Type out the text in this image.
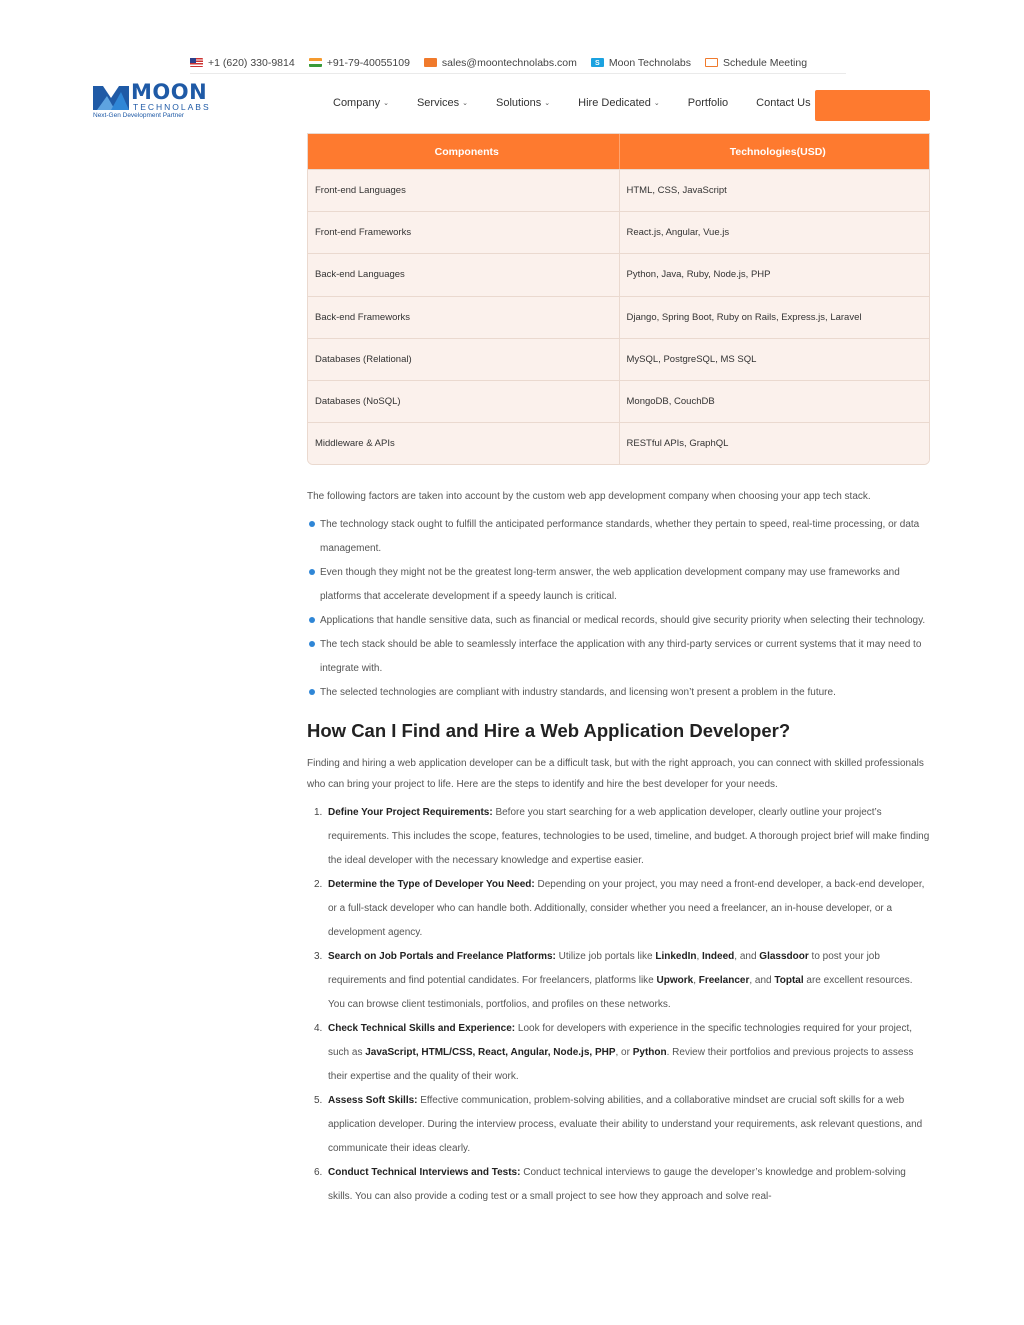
+1 (620) 330-9814	+91-79-40055109	sales@moontechnolabs.com	S Moon Technolabs	Schedule Meeting
MOON
TECHNOLABS
Next-Gen Development Partner
Company ⌄	Services ⌄	Solutions ⌄	Hire Dedicated ⌄	Portfolio	Contact Us
Components	Technologies(USD)
Front-end Languages	HTML, CSS, JavaScript
Front-end Frameworks	React.js, Angular, Vue.js
Back-end Languages	Python, Java, Ruby, Node.js, PHP
Back-end Frameworks	Django, Spring Boot, Ruby on Rails, Express.js, Laravel
Databases (Relational)	MySQL, PostgreSQL, MS SQL
Databases (NoSQL)	MongoDB, CouchDB
Middleware & APIs	RESTful APIs, GraphQL

The following factors are taken into account by the custom web app development company when choosing your app tech stack.

The technology stack ought to fulfill the anticipated performance standards, whether they pertain to speed, real-time processing, or data management.
Even though they might not be the greatest long-term answer, the web application development company may use frameworks and platforms that accelerate development if a speedy launch is critical.
Applications that handle sensitive data, such as financial or medical records, should give security priority when selecting their technology.
The tech stack should be able to seamlessly interface the application with any third-party services or current systems that it may need to integrate with.
The selected technologies are compliant with industry standards, and licensing won’t present a problem in the future.
How Can I Find and Hire a Web Application Developer?

Finding and hiring a web application developer can be a difficult task, but with the right approach, you can connect with skilled professionals who can bring your project to life. Here are the steps to identify and hire the best developer for your needs.

1. Define Your Project Requirements: Before you start searching for a web application developer, clearly outline your project’s requirements. This includes the scope, features, technologies to be used, timeline, and budget. A thorough project brief will make finding the ideal developer with the necessary knowledge and expertise easier.
2. Determine the Type of Developer You Need: Depending on your project, you may need a front-end developer, a back-end developer, or a full-stack developer who can handle both. Additionally, consider whether you need a freelancer, an in-house developer, or a development agency.
3. Search on Job Portals and Freelance Platforms: Utilize job portals like LinkedIn, Indeed, and Glassdoor to post your job requirements and find potential candidates. For freelancers, platforms like Upwork, Freelancer, and Toptal are excellent resources. You can browse client testimonials, portfolios, and profiles on these networks.
4. Check Technical Skills and Experience: Look for developers with experience in the specific technologies required for your project, such as JavaScript, HTML/CSS, React, Angular, Node.js, PHP, or Python. Review their portfolios and previous projects to assess their expertise and the quality of their work.
5. Assess Soft Skills: Effective communication, problem-solving abilities, and a collaborative mindset are crucial soft skills for a web application developer. During the interview process, evaluate their ability to understand your requirements, ask relevant questions, and communicate their ideas clearly.
6. Conduct Technical Interviews and Tests: Conduct technical interviews to gauge the developer’s knowledge and problem-solving skills. You can also provide a coding test or a small project to see how they approach and solve real-
